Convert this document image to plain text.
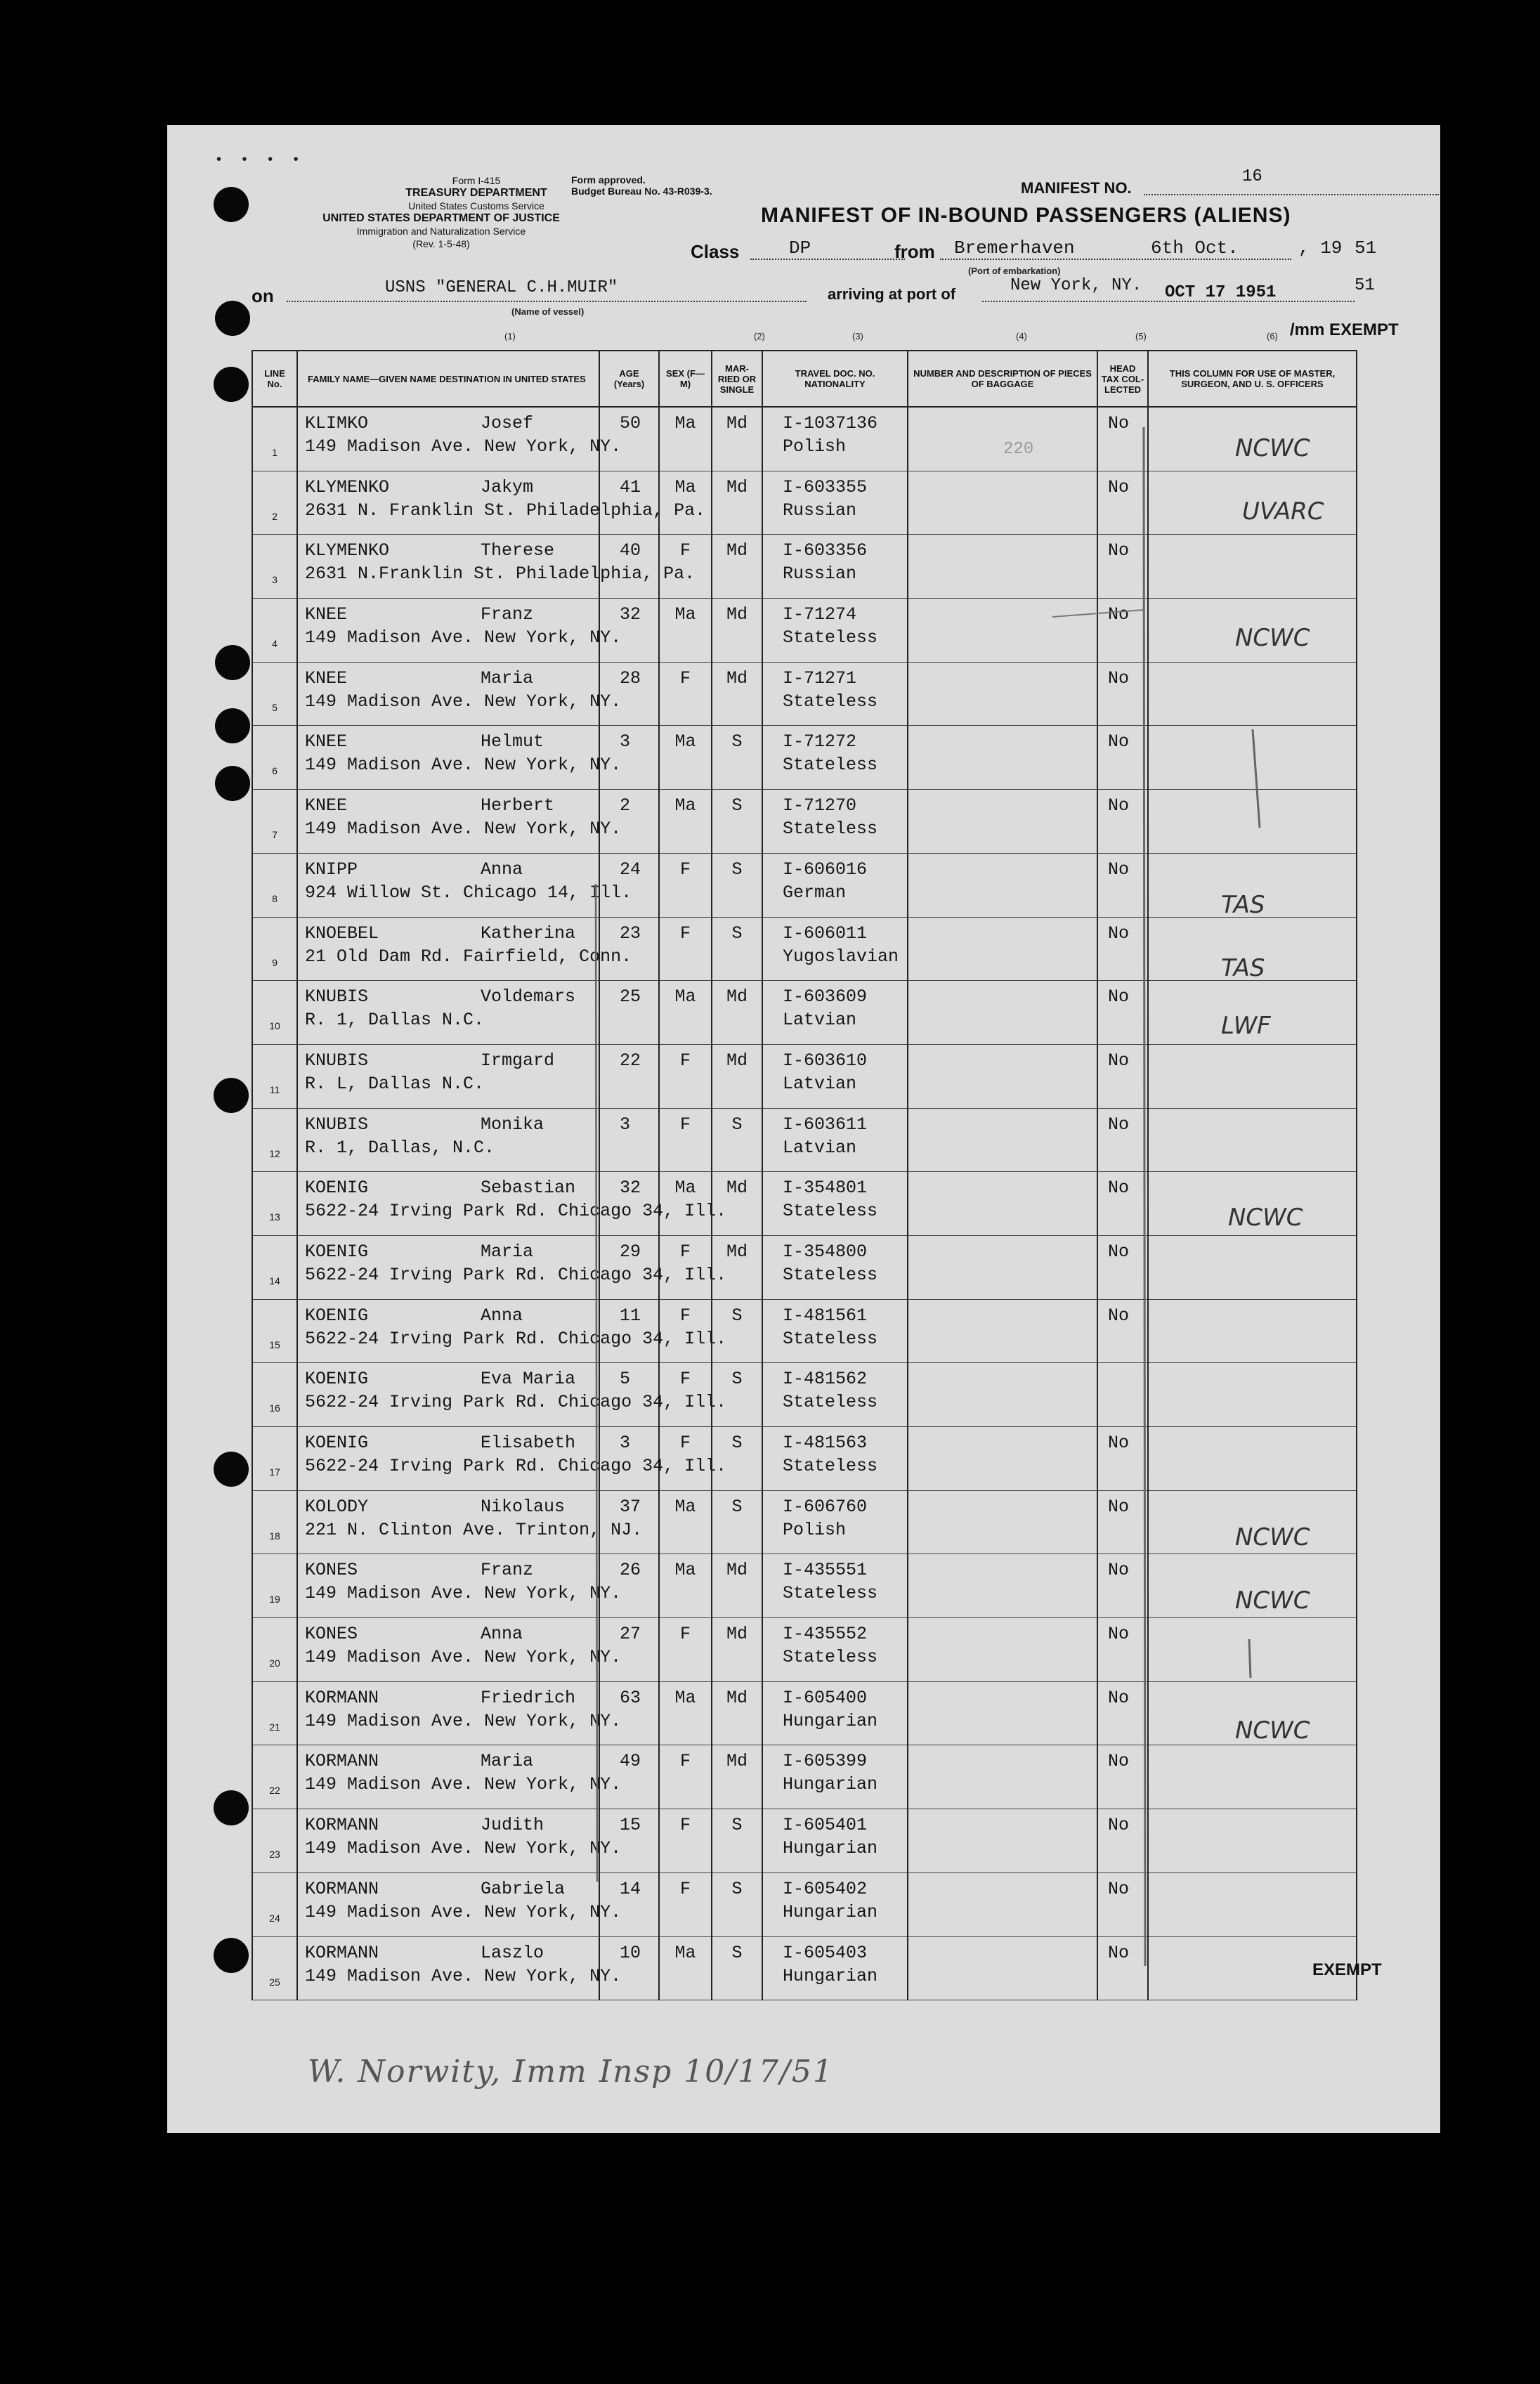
• • • •
Form I-415
TREASURY DEPARTMENT
United States Customs Service
UNITED STATES DEPARTMENT OF JUSTICE
Immigration and Naturalization Service
(Rev. 1-5-48)
Form approved.
Budget Bureau No. 43-R039-3.	MANIFEST NO.
16
MANIFEST OF IN-BOUND PASSENGERS (ALIENS)
Class	DP	from Bremerhaven	6th Oct.	, 19 51
(Port of embarkation)
on	USNS "GENERAL C.H.MUIR"
(Name of vessel)
arriving at port of	New York, NY. OCT 17 1951	51
(1)	(2)	(3)	(4)	(5)	(6)
LINE No.	FAMILY NAME—GIVEN NAME DESTINATION IN UNITED STATES	AGE (Years)	SEX (F—M)	MAR-RIED OR SINGLE	TRAVEL DOC. NO. NATIONALITY	NUMBER AND DESCRIPTION OF PIECES OF BAGGAGE	HEAD TAX COL-LECTED	THIS COLUMN FOR USE OF MASTER, SURGEON, AND U. S. OFFICERS

1	KLIMKO Josef
149 Madison Ave. New York, NY.	50	Ma	Md	I-1037136
Polish		No	

2	KLYMENKO Jakym
2631 N. Franklin St. Philadelphia, Pa.	41	Ma	Md	I-603355
Russian		No	

3	KLYMENKO Therese
2631 N.Franklin St. Philadelphia, Pa.	40	F	Md	I-603356
Russian		No	

4	KNEE Franz
149 Madison Ave. New York, NY.	32	Ma	Md	I-71274
Stateless		No	

5	KNEE Maria
149 Madison Ave. New York, NY.	28	F	Md	I-71271
Stateless		No	

6	KNEE Helmut
149 Madison Ave. New York, NY.	3	Ma	S	I-71272
Stateless		No	

7	KNEE Herbert
149 Madison Ave. New York, NY.	2	Ma	S	I-71270
Stateless		No	

8	KNIPP Anna
924 Willow St. Chicago 14, Ill.	24	F	S	I-606016
German		No	

9	KNOEBEL Katherina
21 Old Dam Rd. Fairfield, Conn.	23	F	S	I-606011
Yugoslavian		No	

10	KNUBIS Voldemars
R. 1, Dallas N.C.	25	Ma	Md	I-603609
Latvian		No	

11	KNUBIS Irmgard
R. L, Dallas N.C.	22	F	Md	I-603610
Latvian		No	

12	KNUBIS Monika
R. 1, Dallas, N.C.	3	F	S	I-603611
Latvian		No	

13	KOENIG Sebastian
5622-24 Irving Park Rd. Chicago 34, Ill.	32	Ma	Md	I-354801
Stateless		No	

14	KOENIG Maria
5622-24 Irving Park Rd. Chicago 34, Ill.	29	F	Md	I-354800
Stateless		No	

15	KOENIG Anna
5622-24 Irving Park Rd. Chicago 34, Ill.	11	F	S	I-481561
Stateless		No	

16	KOENIG Eva Maria
5622-24 Irving Park Rd. Chicago 34, Ill.	5	F	S	I-481562
Stateless			

17	KOENIG Elisabeth
5622-24 Irving Park Rd. Chicago 34, Ill.	3	F	S	I-481563
Stateless		No	

18	KOLODY Nikolaus
221 N. Clinton Ave. Trinton, NJ.	37	Ma	S	I-606760
Polish		No	

19	KONES Franz
149 Madison Ave. New York, NY.	26	Ma	Md	I-435551
Stateless		No	

20	KONES Anna
149 Madison Ave. New York, NY.	27	F	Md	I-435552
Stateless		No	

21	KORMANN Friedrich
149 Madison Ave. New York, NY.	63	Ma	Md	I-605400
Hungarian		No	

22	KORMANN Maria
149 Madison Ave. New York, NY.	49	F	Md	I-605399
Hungarian		No	

23	KORMANN Judith
149 Madison Ave. New York, NY.	15	F	S	I-605401
Hungarian		No	

24	KORMANN Gabriela
149 Madison Ave. New York, NY.	14	F	S	I-605402
Hungarian		No	

25	KORMANN Laszlo
149 Madison Ave. New York, NY.	10	Ma	S	I-605403
Hungarian		No	

/mm EXEMPT
EXEMPT
220	NCWC
UVARC
NCWC
TAS
TAS
LWF
NCWC
NCWC
NCWC
NCWC
W. Norwity, Imm Insp 10/17/51
